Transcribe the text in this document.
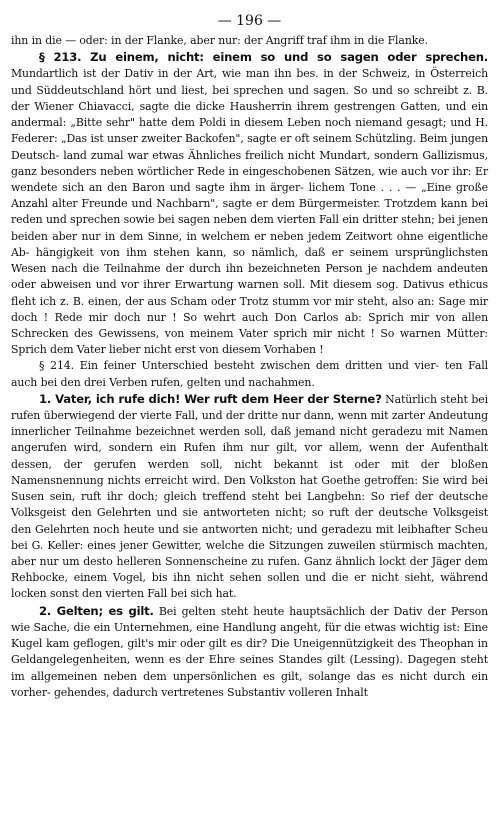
— 196 —

ihn in die — oder: in der Flanke, aber nur: der Angriff traf ihm in die Flanke.

§ 213. Zu einem, nicht: einem so und so sagen oder sprechen. Mundartlich ist der Dativ in der Art, wie man ihn bes. in der Schweiz, in Österreich und Süddeutschland hört und liest, bei sprechen und sagen. So und so schreibt z. B. der Wiener Chiavacci, sagte die dicke Hausherrin ihrem gestrengen Gatten, und ein andermal: „Bitte sehr" hatte dem Poldi in diesem Leben noch niemand gesagt; und H. Federer: „Das ist unser zweiter Backofen", sagte er oft seinem Schützling. Beim jungen Deutsch- land zumal war etwas Ähnliches freilich nicht Mundart, sondern Gallizismus, ganz besonders neben wörtlicher Rede in eingeschobenen Sätzen, wie auch vor ihr: Er wendete sich an den Baron und sagte ihm in ärger- lichem Tone . . . — „Eine große Anzahl alter Freunde und Nachbarn", sagte er dem Bürgermeister. Trotzdem kann bei reden und sprechen sowie bei sagen neben dem vierten Fall ein dritter stehn; bei jenen beiden aber nur in dem Sinne, in welchem er neben jedem Zeitwort ohne eigentliche Ab- hängigkeit von ihm stehen kann, so nämlich, daß er seinem ursprünglichsten Wesen nach die Teilnahme der durch ihn bezeichneten Person je nachdem andeuten oder abweisen und vor ihrer Erwartung warnen soll. Mit diesem sog. Dativus ethicus fleht ich z. B. einen, der aus Scham oder Trotz stumm vor mir steht, also an: Sage mir doch ! Rede mir doch nur ! So wehrt auch Don Carlos ab: Sprich mir von allen Schrecken des Gewissens, von meinem Vater sprich mir nicht ! So warnen Mütter: Sprich dem Vater lieber nicht erst von diesem Vorhaben !

§ 214. Ein feiner Unterschied besteht zwischen dem dritten und vier- ten Fall auch bei den drei Verben rufen, gelten und nachahmen.

1. Vater, ich rufe dich! Wer ruft dem Heer der Sterne? Natürlich steht bei rufen überwiegend der vierte Fall, und der dritte nur dann, wenn mit zarter Andeutung innerlicher Teilnahme bezeichnet werden soll, daß jemand nicht geradezu mit Namen angerufen wird, sondern ein Rufen ihm nur gilt, vor allem, wenn der Aufenthalt dessen, der gerufen werden soll, nicht bekannt ist oder mit der bloßen Namensnennung nichts erreicht wird. Den Volkston hat Goethe getroffen: Sie wird bei Susen sein, ruft ihr doch; gleich treffend steht bei Langbehn: So rief der deutsche Volksgeist den Gelehrten und sie antworteten nicht; so ruft der deutsche Volksgeist den Gelehrten noch heute und sie antworten nicht; und geradezu mit leibhafter Scheu bei G. Keller: eines jener Gewitter, welche die Sitzungen zuweilen stürmisch machten, aber nur um desto helleren Sonnenscheine zu rufen. Ganz ähnlich lockt der Jäger dem Rehbocke, einem Vogel, bis ihn nicht sehen sollen und die er nicht sieht, während locken sonst den vierten Fall bei sich hat.

2. Gelten; es gilt. Bei gelten steht heute hauptsächlich der Dativ der Person wie Sache, die ein Unternehmen, eine Handlung angeht, für die etwas wichtig ist: Eine Kugel kam geflogen, gilt's mir oder gilt es dir? Die Uneigennützigkeit des Theophan in Geldangelegenheiten, wenn es der Ehre seines Standes gilt (Lessing). Dagegen steht im allgemeinen neben dem unpersönlichen es gilt, solange das es nicht durch ein vorher- gehendes, dadurch vertretenes Substantiv volleren Inhalt
